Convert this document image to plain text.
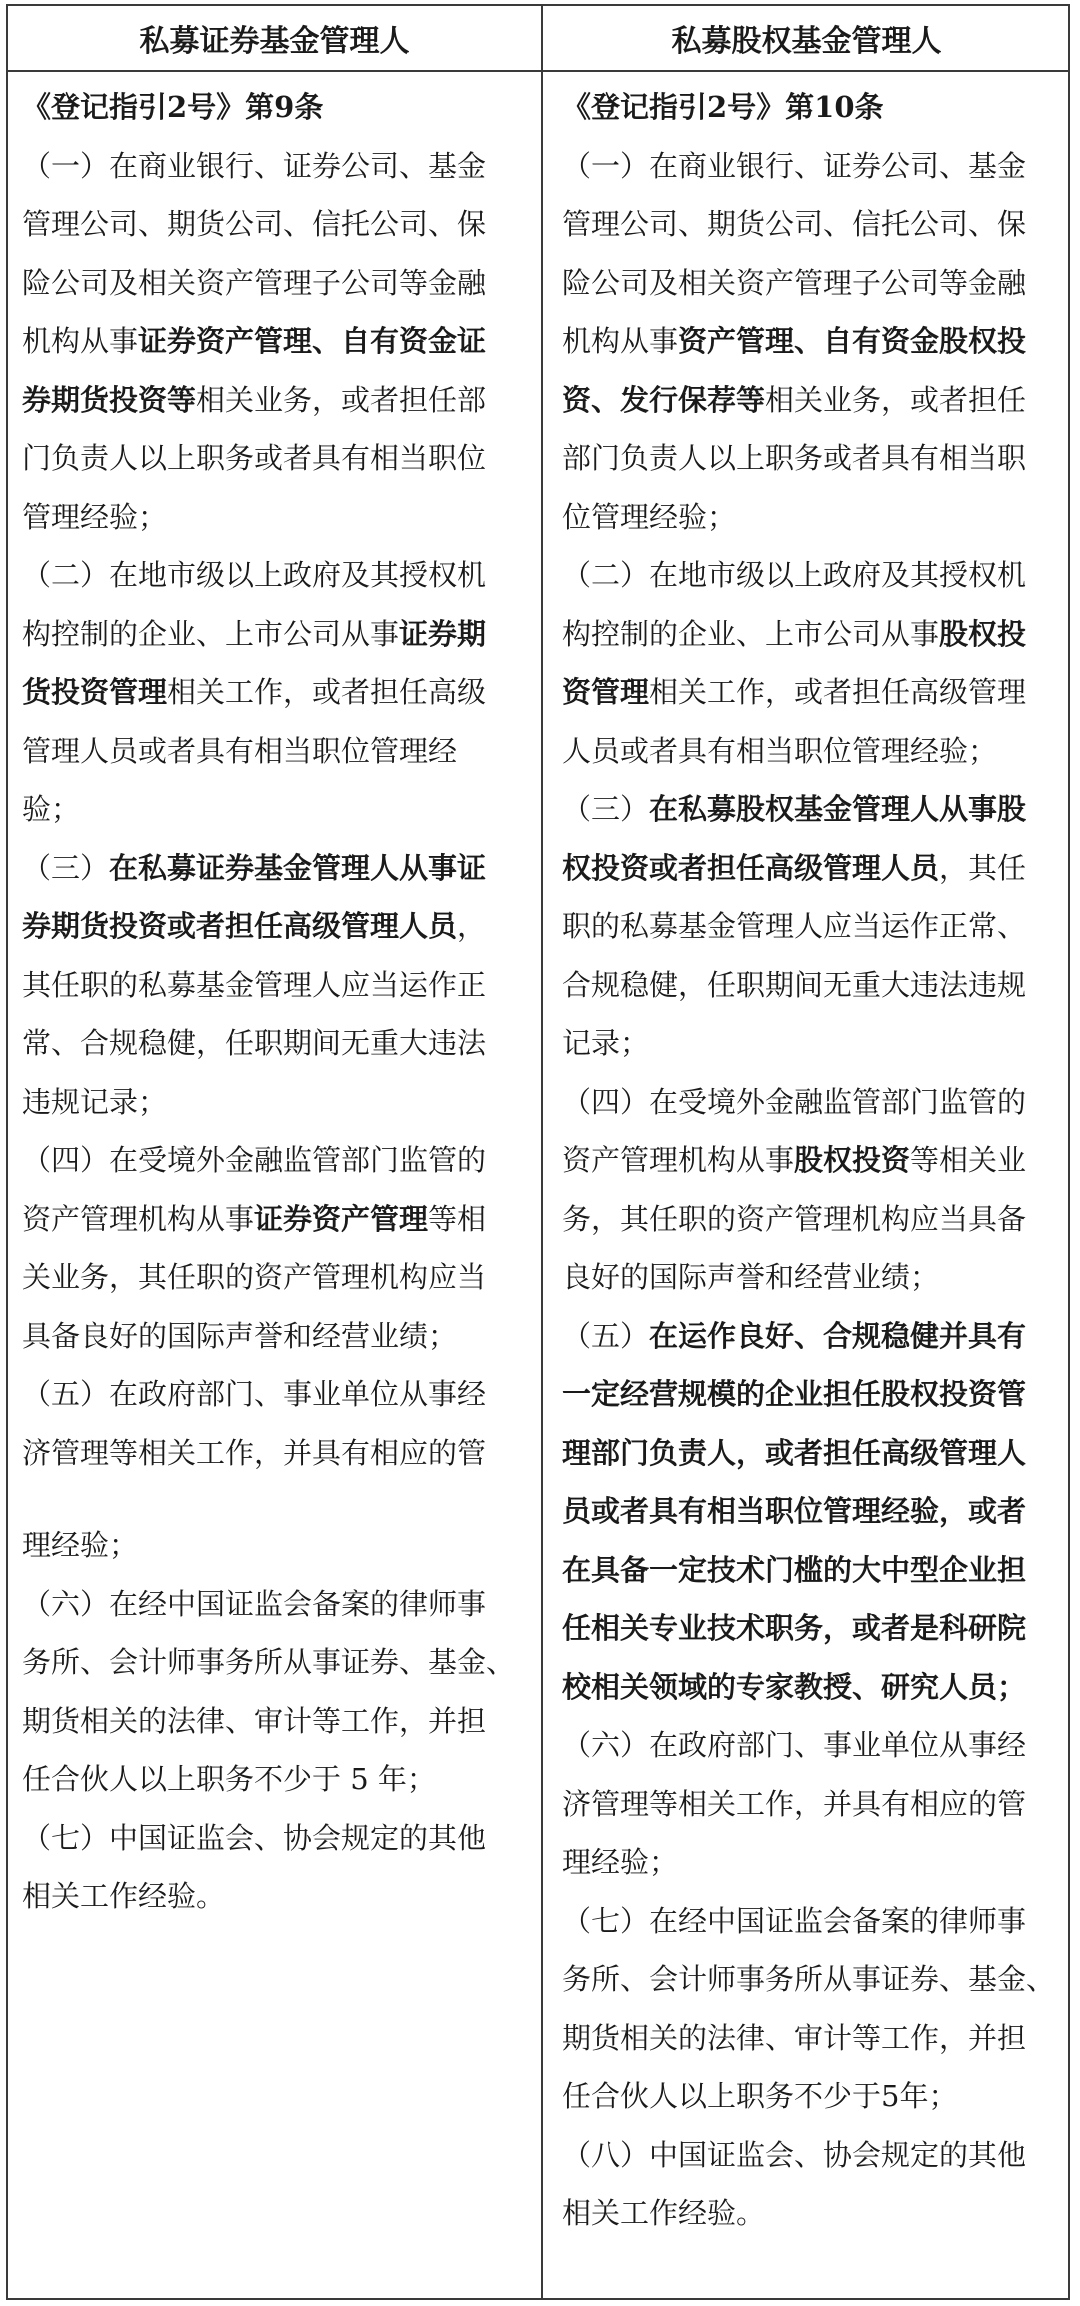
私募证券基金管理人	私募股权基金管理人
《登记指引2号》第9条
（一）在商业银行、证券公司、基金
管理公司、期货公司、信托公司、保
险公司及相关资产管理子公司等金融
机构从事证券资产管理、自有资金证
券期货投资等相关业务，或者担任部
门负责人以上职务或者具有相当职位
管理经验；
（二）在地市级以上政府及其授权机
构控制的企业、上市公司从事证券期
货投资管理相关工作，或者担任高级
管理人员或者具有相当职位管理经
验；
（三）在私募证券基金管理人从事证
券期货投资或者担任高级管理人员，
其任职的私募基金管理人应当运作正
常、合规稳健，任职期间无重大违法
违规记录；
（四）在受境外金融监管部门监管的
资产管理机构从事证券资产管理等相
关业务，其任职的资产管理机构应当
具备良好的国际声誉和经营业绩；
（五）在政府部门、事业单位从事经
济管理等相关工作，并具有相应的管
理经验；
（六）在经中国证监会备案的律师事
务所、会计师事务所从事证券、基金、
期货相关的法律、审计等工作，并担
任合伙人以上职务不少于 5 年；
（七）中国证监会、协会规定的其他
相关工作经验。
《登记指引2号》第10条
（一）在商业银行、证券公司、基金
管理公司、期货公司、信托公司、保
险公司及相关资产管理子公司等金融
机构从事资产管理、自有资金股权投
资、发行保荐等相关业务，或者担任
部门负责人以上职务或者具有相当职
位管理经验；
（二）在地市级以上政府及其授权机
构控制的企业、上市公司从事股权投
资管理相关工作，或者担任高级管理
人员或者具有相当职位管理经验；
（三）在私募股权基金管理人从事股
权投资或者担任高级管理人员，其任
职的私募基金管理人应当运作正常、
合规稳健，任职期间无重大违法违规
记录；
（四）在受境外金融监管部门监管的
资产管理机构从事股权投资等相关业
务，其任职的资产管理机构应当具备
良好的国际声誉和经营业绩；
（五）在运作良好、合规稳健并具有
一定经营规模的企业担任股权投资管
理部门负责人，或者担任高级管理人
员或者具有相当职位管理经验，或者
在具备一定技术门槛的大中型企业担
任相关专业技术职务，或者是科研院
校相关领域的专家教授、研究人员；
（六）在政府部门、事业单位从事经
济管理等相关工作，并具有相应的管
理经验；
（七）在经中国证监会备案的律师事
务所、会计师事务所从事证券、基金、
期货相关的法律、审计等工作，并担
任合伙人以上职务不少于5年；
（八）中国证监会、协会规定的其他
相关工作经验。
